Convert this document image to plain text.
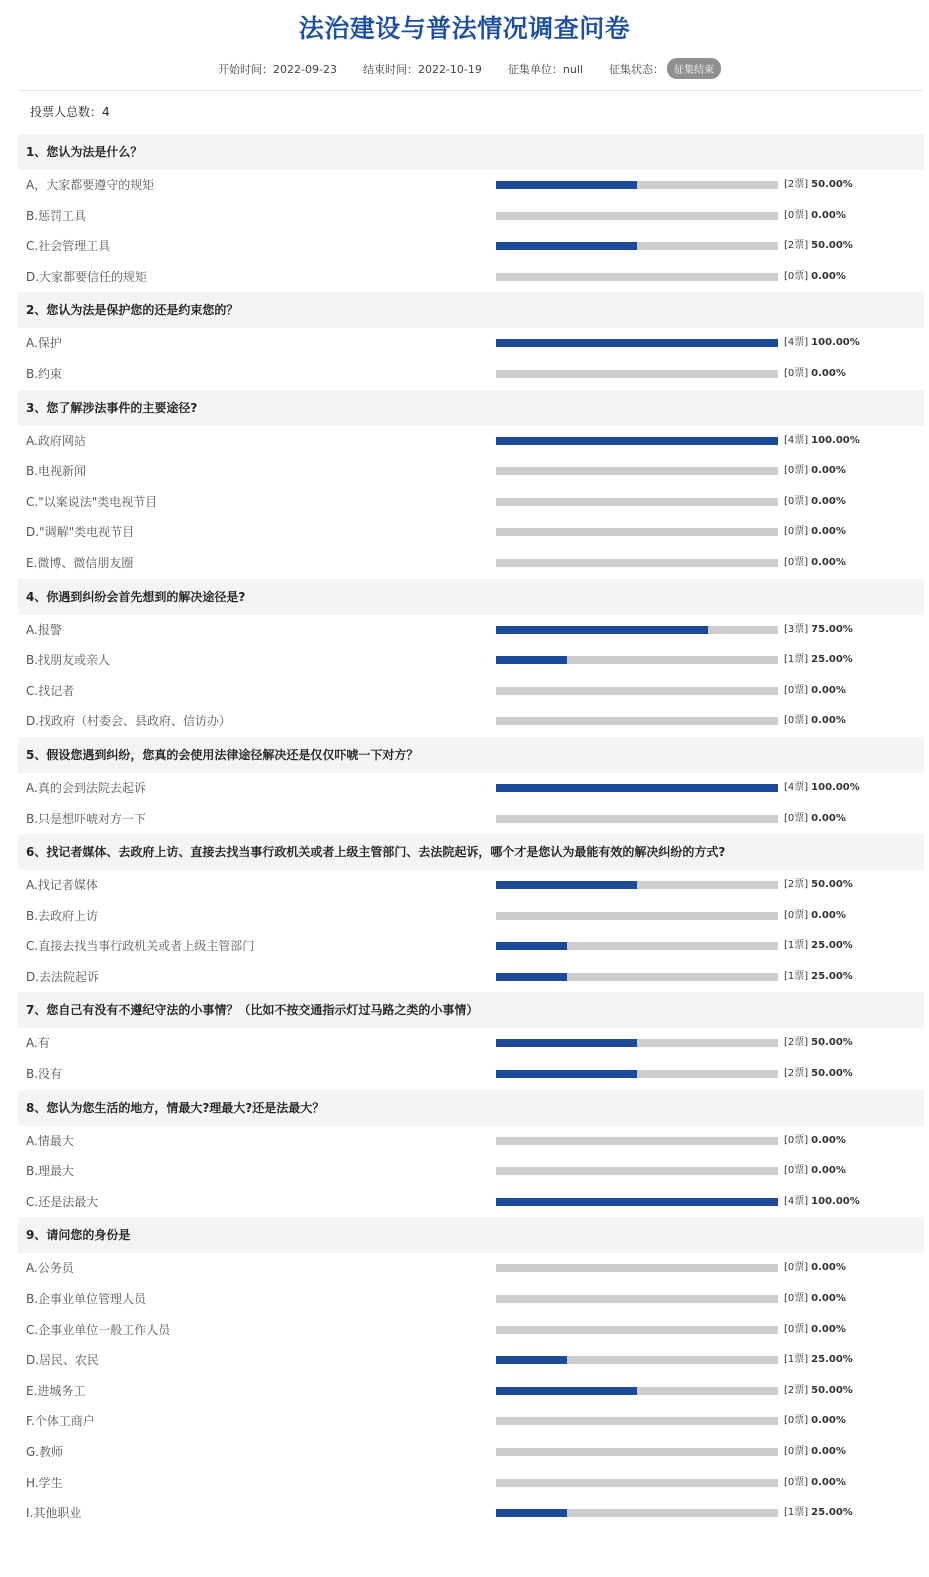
法治建设与普法情况调查问卷
开始时间：2022-09-23 结束时间：2022-10-19 征集单位：null 征集状态： 征集结束
投票人总数：4
1、您认为法是什么？
A，大家都要遵守的规矩	[2票] 50.00%
B.惩罚工具	[0票] 0.00%
C.社会管理工具	[2票] 50.00%
D.大家都要信任的规矩	[0票] 0.00%
2、您认为法是保护您的还是约束您的？
A.保护	[4票] 100.00%
B.约束	[0票] 0.00%
3、您了解涉法事件的主要途径?
A.政府网站	[4票] 100.00%
B.电视新闻	[0票] 0.00%
C."以案说法"类电视节目	[0票] 0.00%
D."调解"类电视节目	[0票] 0.00%
E.微博、微信朋友圈	[0票] 0.00%
4、你遇到纠纷会首先想到的解决途径是?
A.报警	[3票] 75.00%
B.找朋友或亲人	[1票] 25.00%
C.找记者	[0票] 0.00%
D.找政府（村委会、县政府、信访办）	[0票] 0.00%
5、假设您遇到纠纷，您真的会使用法律途径解决还是仅仅吓唬一下对方？
A.真的会到法院去起诉	[4票] 100.00%
B.只是想吓唬对方一下	[0票] 0.00%
6、找记者媒体、去政府上访、直接去找当事行政机关或者上级主管部门、去法院起诉，哪个才是您认为最能有效的解决纠纷的方式?
A.找记者媒体	[2票] 50.00%
B.去政府上访	[0票] 0.00%
C.直接去找当事行政机关或者上级主管部门	[1票] 25.00%
D.去法院起诉	[1票] 25.00%
7、您自己有没有不遵纪守法的小事情？（比如不按交通指示灯过马路之类的小事情）
A.有	[2票] 50.00%
B.没有	[2票] 50.00%
8、您认为您生活的地方，情最大?理最大?还是法最大？
A.情最大	[0票] 0.00%
B.理最大	[0票] 0.00%
C.还是法最大	[4票] 100.00%
9、请问您的身份是
A.公务员	[0票] 0.00%
B.企事业单位管理人员	[0票] 0.00%
C.企事业单位一般工作人员	[0票] 0.00%
D.居民、农民	[1票] 25.00%
E.进城务工	[2票] 50.00%
F.个体工商户	[0票] 0.00%
G.教师	[0票] 0.00%
H.学生	[0票] 0.00%
I.其他职业	[1票] 25.00%
